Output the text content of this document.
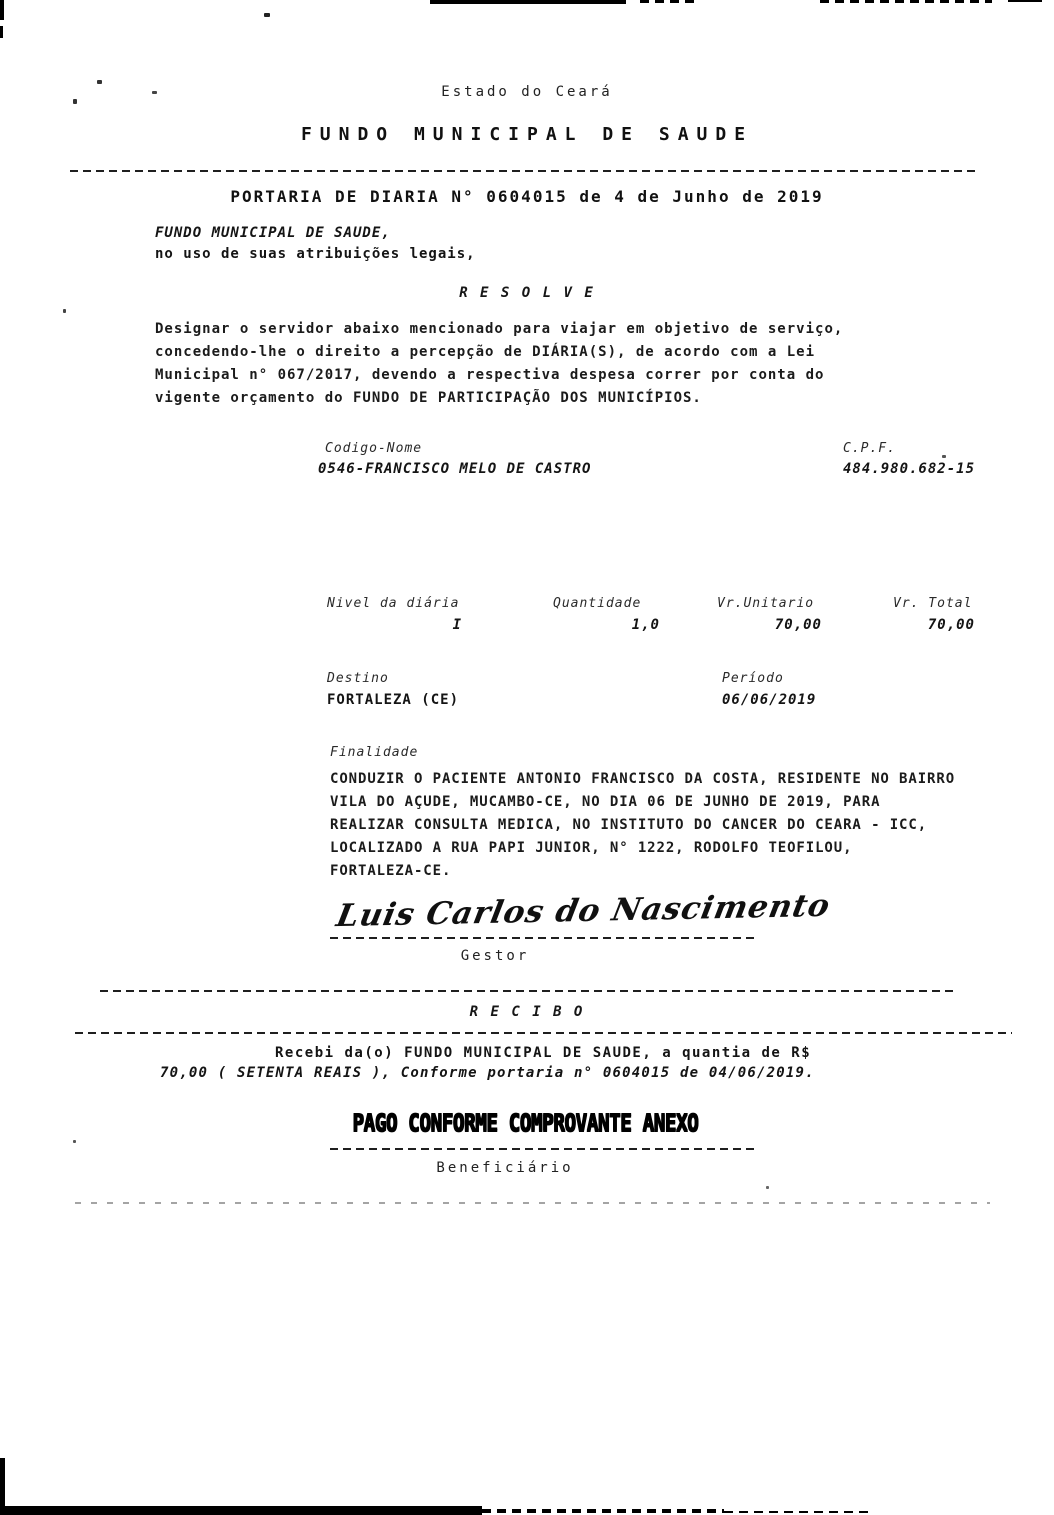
Estado do Ceará
FUNDO MUNICIPAL DE SAUDE
PORTARIA DE DIARIA N° 0604015 de 4 de Junho de 2019
FUNDO MUNICIPAL DE SAUDE,
no uso de suas atribuições legais,
R E S O L V E
Designar o servidor abaixo mencionado para viajar em objetivo de serviço,
concedendo-lhe o direito a percepção de DIÁRIA(S), de acordo com a Lei
Municipal n° 067/2017, devendo a respectiva despesa correr por conta do
vigente orçamento do FUNDO DE PARTICIPAÇÃO DOS MUNICÍPIOS.
Codigo-Nome
0546-FRANCISCO MELO DE CASTRO
C.P.F.
484.980.682-15
Nivel da diária	Quantidade	Vr.Unitario	Vr. Total
I	1,0	70,00	70,00
Destino
FORTALEZA (CE)
Período
06/06/2019
Finalidade
CONDUZIR O PACIENTE ANTONIO FRANCISCO DA COSTA, RESIDENTE NO BAIRRO
VILA DO AÇUDE, MUCAMBO-CE, NO DIA 06 DE JUNHO DE 2019, PARA
REALIZAR CONSULTA MEDICA, NO INSTITUTO DO CANCER DO CEARA - ICC,
LOCALIZADO A RUA PAPI JUNIOR, N° 1222, RODOLFO TEOFILOU,
FORTALEZA-CE.
Luis Carlos do Nascimento
Gestor
R E C I B O
Recebi da(o) FUNDO MUNICIPAL DE SAUDE, a quantia de R$
70,00 ( SETENTA REAIS ), Conforme portaria n° 0604015 de 04/06/2019.
PAGO CONFORME COMPROVANTE ANEXO
Beneficiário
